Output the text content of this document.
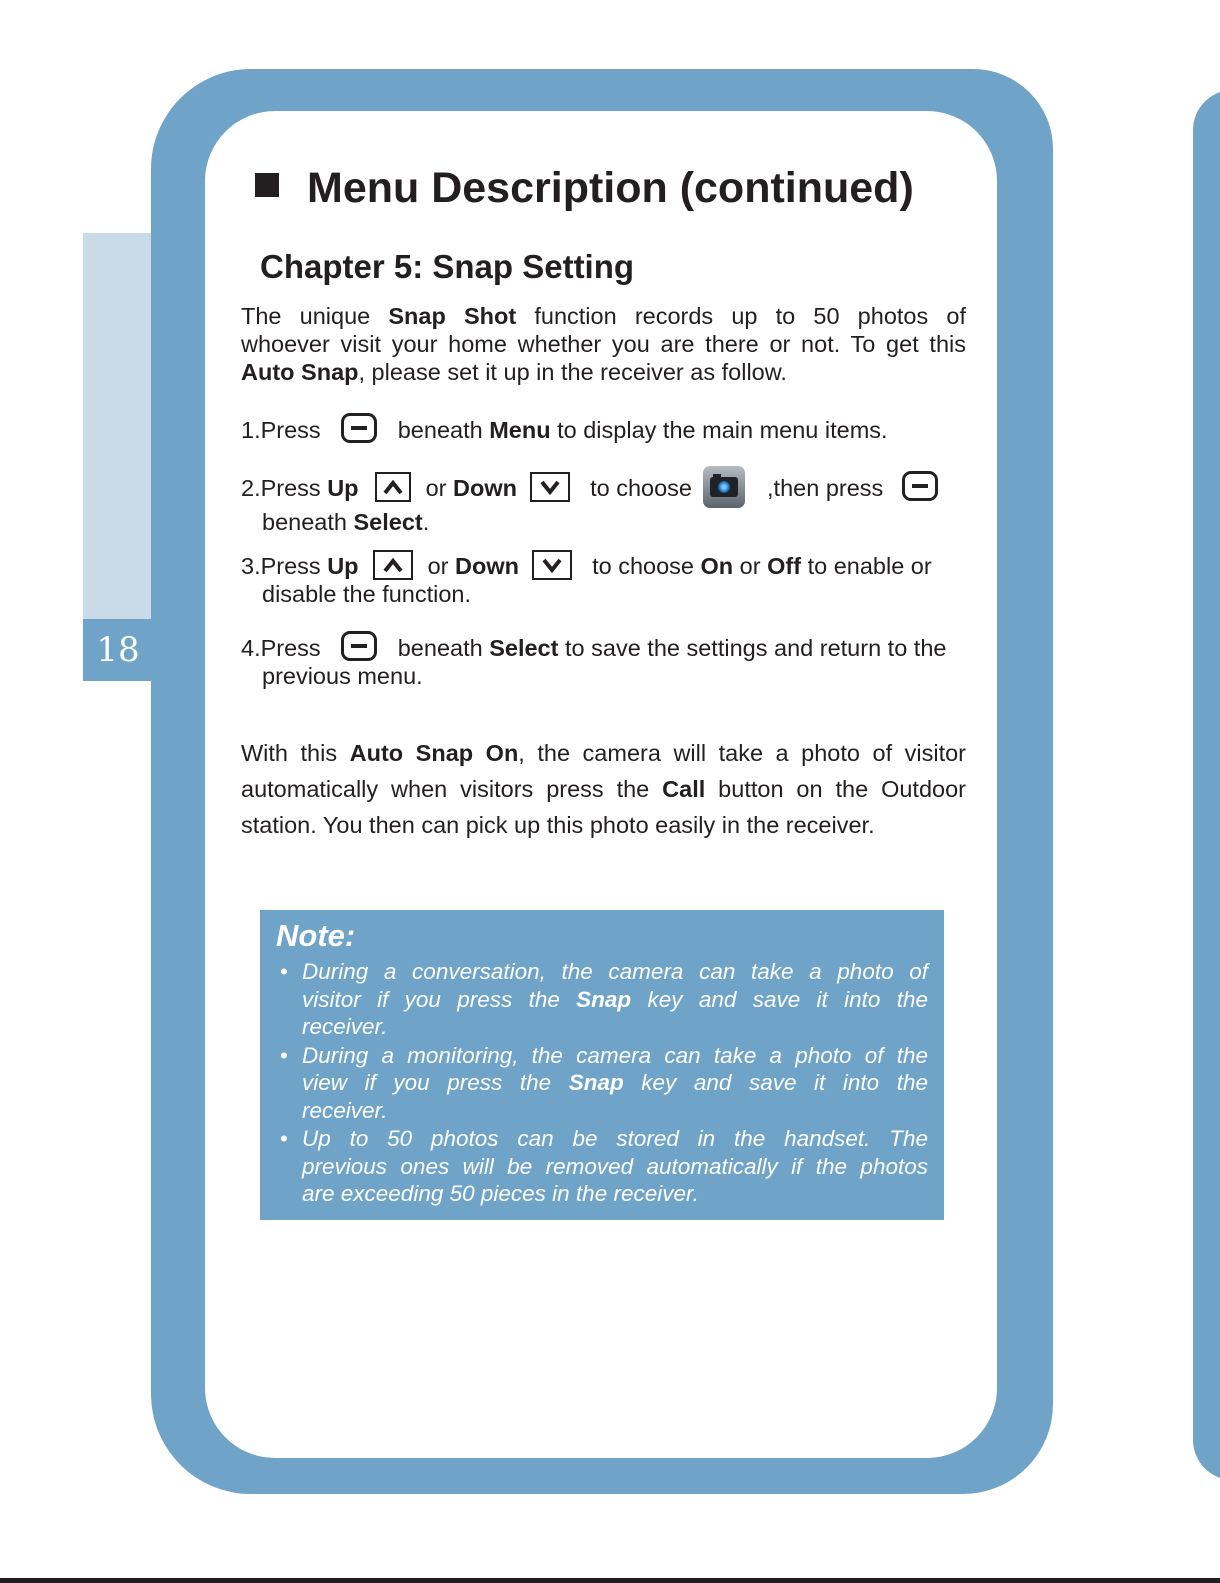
18
Menu Description (continued)
Chapter 5: Snap Setting

The unique Snap Shot function records up to 50 photos of

whoever visit your home whether you are there or not. To get this

Auto Snap, please set it up in the receiver as follow.

1.Press	beneath Menu to display the main menu items.
2.Press Up	or Down	to choose	,then press
beneath Select.
3.Press Up	or Down	to choose On or Off to enable or
disable the function.
4.Press	beneath Select to save the settings and return to the
previous menu.

With this Auto Snap On, the camera will take a photo of visitor

automatically when visitors press the Call button on the Outdoor

station. You then can pick up this photo easily in the receiver.

Note:
• During a conversation, the camera can take a photo of
visitor if you press the Snap key and save it into the
receiver.
• During a monitoring, the camera can take a photo of the
view if you press the Snap key and save it into the
receiver.
• Up to 50 photos can be stored in the handset. The
previous ones will be removed automatically if the photos
are exceeding 50 pieces in the receiver.
